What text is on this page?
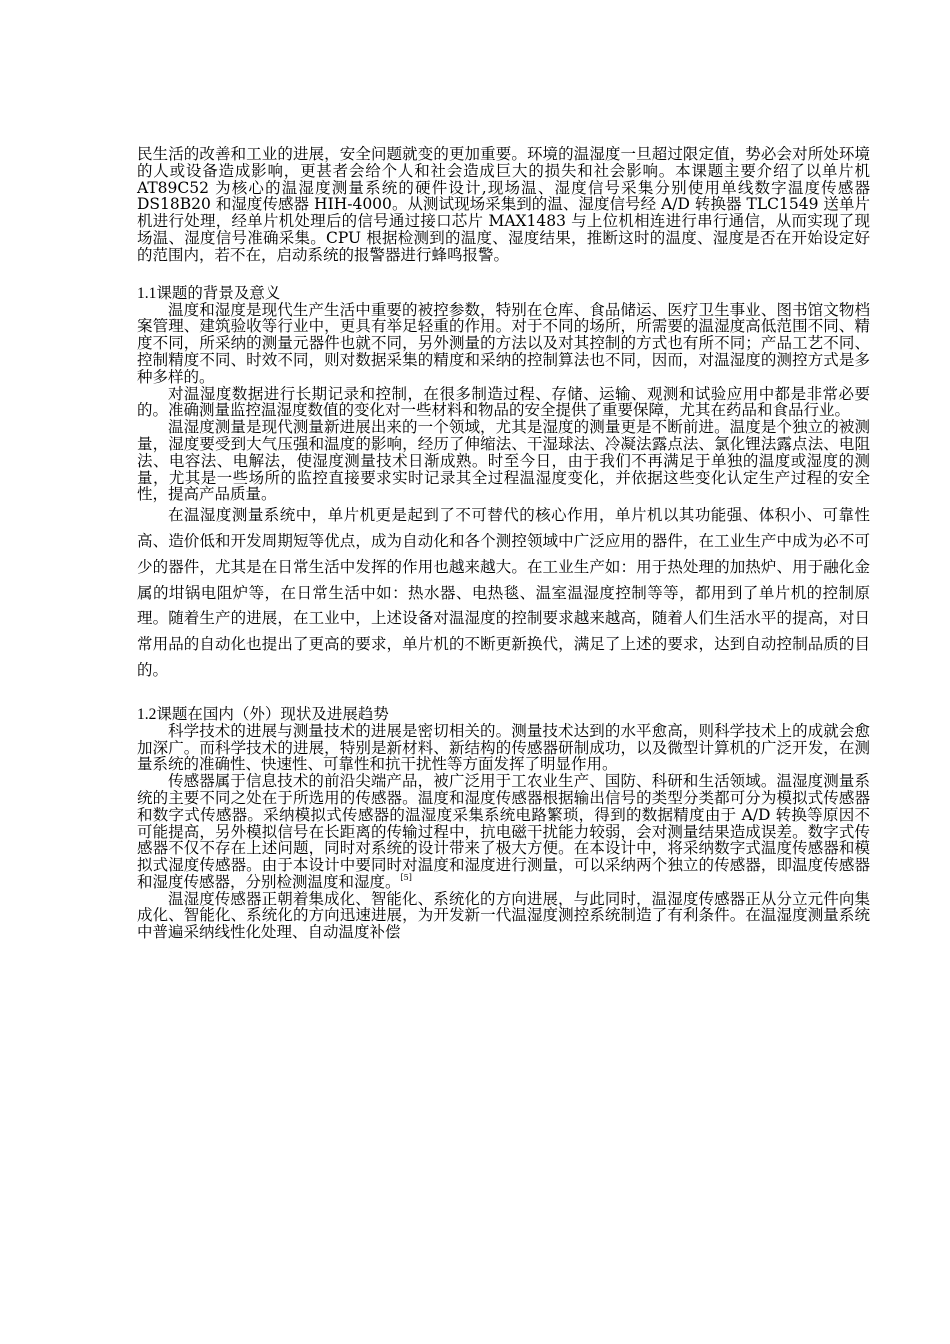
民生活的改善和工业的进展，安全问题就变的更加重要。环境的温湿度一旦超过限定值，势必会对所处环境的人或设备造成影响，更甚者会给个人和社会造成巨大的损失和社会影响。本课题主要介绍了以单片机 AT89C52 为核心的温湿度测量系统的硬件设计,现场温、湿度信号采集分别使用单线数字温度传感器 DS18B20 和湿度传感器 HIH-4000。从测试现场采集到的温、湿度信号经 A/D 转换器 TLC1549 送单片机进行处理，经单片机处理后的信号通过接口芯片 MAX1483 与上位机相连进行串行通信，从而实现了现场温、湿度信号准确采集。CPU 根据检测到的温度、湿度结果，推断这时的温度、湿度是否在开始设定好的范围内，若不在，启动系统的报警器进行蜂鸣报警。

1.1课题的背景及意义

温度和湿度是现代生产生活中重要的被控参数，特别在仓库、食品储运、医疗卫生事业、图书馆文物档案管理、建筑验收等行业中，更具有举足轻重的作用。对于不同的场所，所需要的温湿度高低范围不同、精度不同，所采纳的测量元器件也就不同，另外测量的方法以及对其控制的方式也有所不同；产品工艺不同、控制精度不同、时效不同，则对数据采集的精度和采纳的控制算法也不同，因而，对温湿度的测控方式是多种多样的。

对温湿度数据进行长期记录和控制，在很多制造过程、存储、运输、观测和试验应用中都是非常必要的。准确测量监控温湿度数值的变化对一些材料和物品的安全提供了重要保障，尤其在药品和食品行业。

温湿度测量是现代测量新进展出来的一个领域，尤其是湿度的测量更是不断前进。温度是个独立的被测量，湿度要受到大气压强和温度的影响，经历了伸缩法、干湿球法、冷凝法露点法、氯化锂法露点法、电阻法、电容法、电解法，使湿度测量技术日渐成熟。时至今日，由于我们不再满足于单独的温度或湿度的测量，尤其是一些场所的监控直接要求实时记录其全过程温湿度变化，并依据这些变化认定生产过程的安全性，提高产品质量。

在温湿度测量系统中，单片机更是起到了不可替代的核心作用，单片机以其功能强、体积小、可靠性高、造价低和开发周期短等优点，成为自动化和各个测控领域中广泛应用的器件，在工业生产中成为必不可少的器件，尤其是在日常生活中发挥的作用也越来越大。在工业生产如：用于热处理的加热炉、用于融化金属的坩锅电阻炉等，在日常生活中如：热水器、电热毯、温室温湿度控制等等，都用到了单片机的控制原理。随着生产的进展，在工业中，上述设备对温湿度的控制要求越来越高，随着人们生活水平的提高，对日常用品的自动化也提出了更高的要求，单片机的不断更新换代，满足了上述的要求，达到自动控制品质的目的。

1.2课题在国内（外）现状及进展趋势

科学技术的进展与测量技术的进展是密切相关的。测量技术达到的水平愈高，则科学技术上的成就会愈加深广。而科学技术的进展，特别是新材料、新结构的传感器研制成功，以及微型计算机的广泛开发，在测量系统的准确性、快速性、可靠性和抗干扰性等方面发挥了明显作用。

传感器属于信息技术的前沿尖端产品，被广泛用于工农业生产、国防、科研和生活领域。温湿度测量系统的主要不同之处在于所选用的传感器。温度和湿度传感器根据输出信号的类型分类都可分为模拟式传感器和数字式传感器。采纳模拟式传感器的温湿度采集系统电路繁琐，得到的数据精度由于 A/D 转换等原因不可能提高，另外模拟信号在长距离的传输过程中，抗电磁干扰能力较弱，会对测量结果造成误差。数字式传感器不仅不存在上述问题，同时对系统的设计带来了极大方便。在本设计中，将采纳数字式温度传感器和模拟式湿度传感器。由于本设计中要同时对温度和湿度进行测量，可以采纳两个独立的传感器，即温度传感器和湿度传感器，分别检测温度和湿度。[5]

温湿度传感器正朝着集成化、智能化、系统化的方向进展，与此同时，温湿度传感器正从分立元件向集成化、智能化、系统化的方向迅速进展，为开发新一代温湿度测控系统制造了有利条件。在温湿度测量系统中普遍采纳线性化处理、自动温度补偿
